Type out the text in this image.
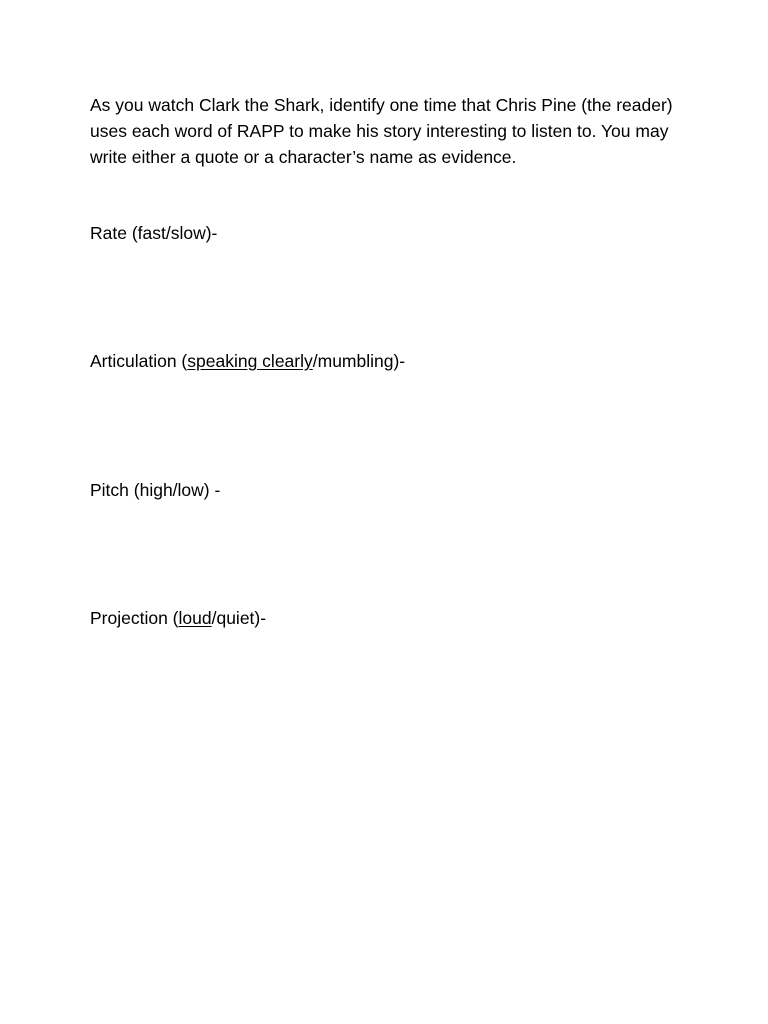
As you watch Clark the Shark, identify one time that Chris Pine (the reader) uses each word of RAPP to make his story interesting to listen to. You may write either a quote or a character’s name as evidence.

Rate (fast/slow)-

Articulation (speaking clearly/mumbling)-

Pitch (high/low) -

Projection (loud/quiet)-
